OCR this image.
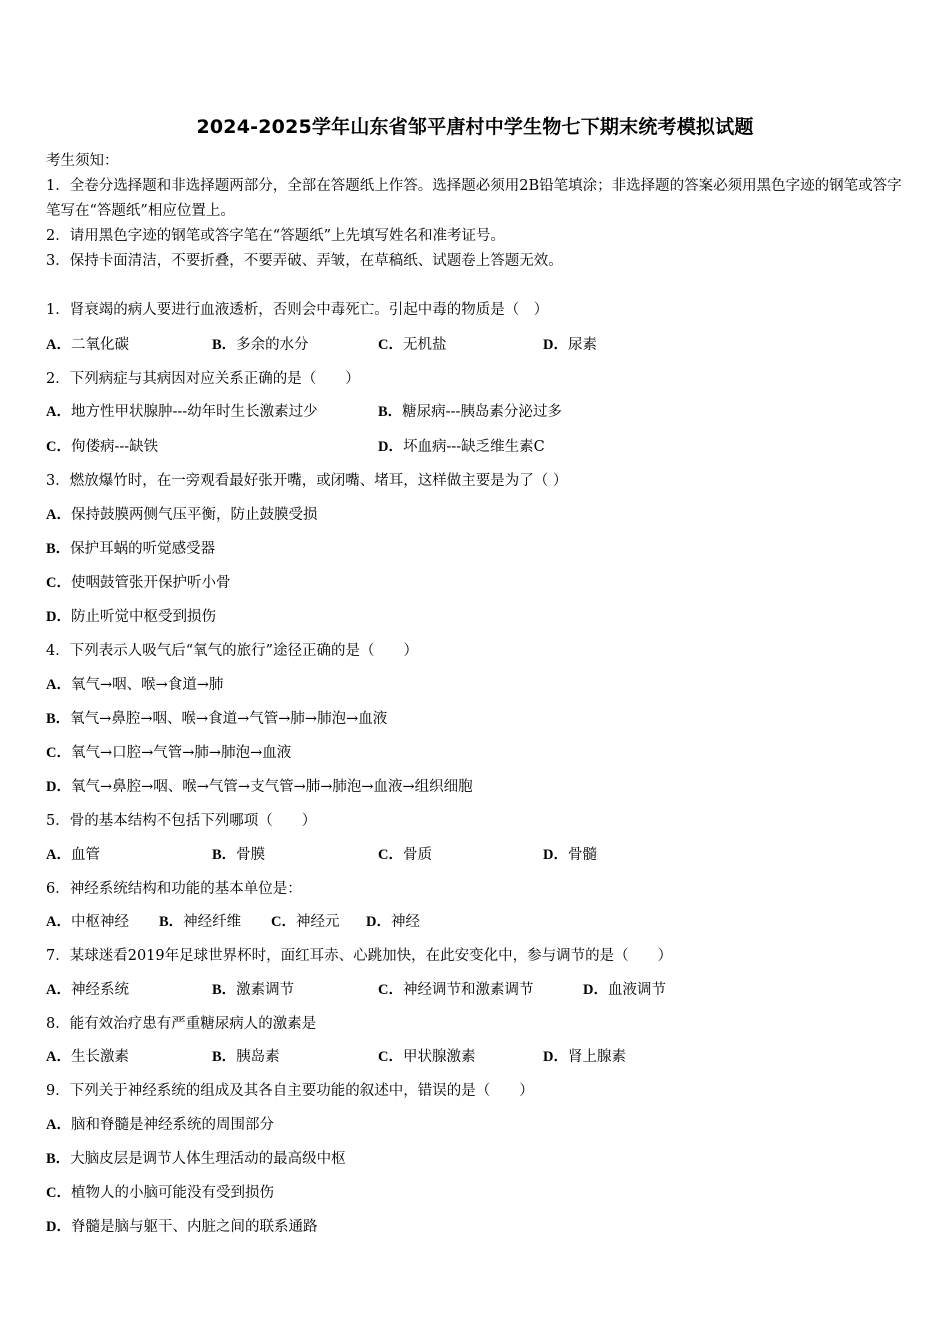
2024-2025学年山东省邹平唐村中学生物七下期末统考模拟试题
考生须知：
1．全卷分选择题和非选择题两部分，全部在答题纸上作答。选择题必须用2B铅笔填涂；非选择题的答案必须用黑色字迹的钢笔或答字笔写在“答题纸”相应位置上。
2．请用黑色字迹的钢笔或答字笔在“答题纸”上先填写姓名和准考证号。
3．保持卡面清洁，不要折叠，不要弄破、弄皱，在草稿纸、试题卷上答题无效。
1．肾衰竭的病人要进行血液透析，否则会中毒死亡。引起中毒的物质是（　）
A．二氧化碳	B．多余的水分	C．无机盐	D．尿素
2．下列病症与其病因对应关系正确的是（　　）
A．地方性甲状腺肿---幼年时生长激素过少	B．糖尿病---胰岛素分泌过多
C．佝偻病---缺铁	D．坏血病---缺乏维生素C
3．燃放爆竹时，在一旁观看最好张开嘴，或闭嘴、堵耳，这样做主要是为了（ ）
A．保持鼓膜两侧气压平衡，防止鼓膜受损
B．保护耳蜗的听觉感受器
C．使咽鼓管张开保护听小骨
D．防止听觉中枢受到损伤
4．下列表示人吸气后“氧气的旅行”途径正确的是（　　）
A．氧气→咽、喉→食道→肺
B．氧气→鼻腔→咽、喉→食道→气管→肺→肺泡→血液
C．氧气→口腔→气管→肺→肺泡→血液
D．氧气→鼻腔→咽、喉→气管→支气管→肺→肺泡→血液→组织细胞
5．骨的基本结构不包括下列哪项（　　）
A．血管	B．骨膜	C．骨质	D．骨髓
6．神经系统结构和功能的基本单位是：
A．中枢神经 B．神经纤维 C．神经元 D．神经
7．某球迷看2019年足球世界杯时，面红耳赤、心跳加快，在此安变化中，参与调节的是（　　）
A．神经系统	B．激素调节	C．神经调节和激素调节	D．血液调节
8．能有效治疗患有严重糖尿病人的激素是
A．生长激素	B．胰岛素	C．甲状腺激素	D．肾上腺素
9．下列关于神经系统的组成及其各自主要功能的叙述中，错误的是（　　）
A．脑和脊髓是神经系统的周围部分
B．大脑皮层是调节人体生理活动的最高级中枢
C．植物人的小脑可能没有受到损伤
D．脊髓是脑与躯干、内脏之间的联系通路
